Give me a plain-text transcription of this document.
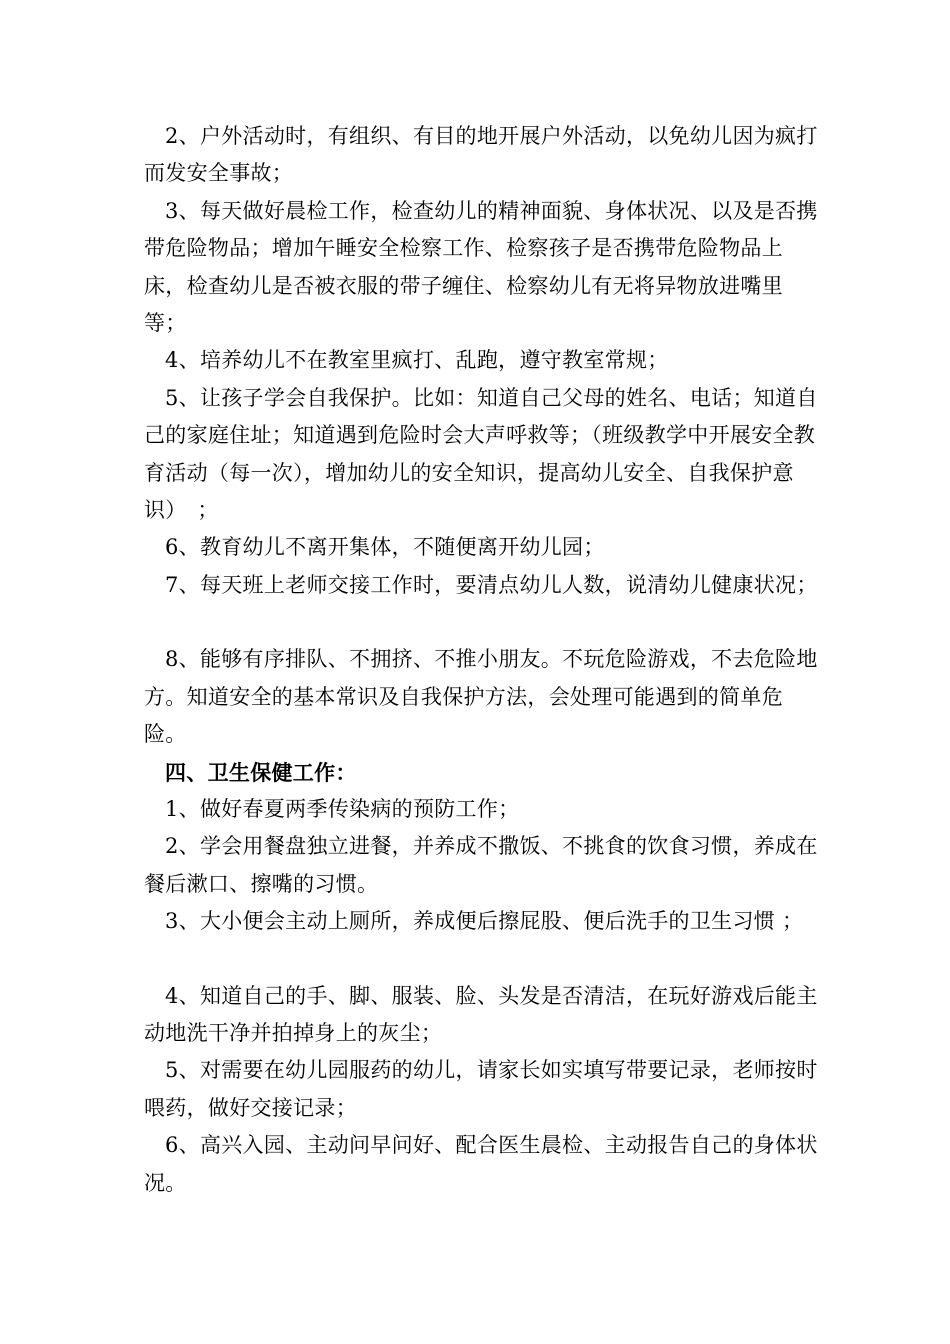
2、户外活动时，有组织、有目的地开展户外活动，以免幼儿因为疯打而发安全事故；

3、每天做好晨检工作，检查幼儿的精神面貌、身体状况、以及是否携带危险物品；增加午睡安全检察工作、检察孩子是否携带危险物品上床，检查幼儿是否被衣服的带子缠住、检察幼儿有无将异物放进嘴里等；

4、培养幼儿不在教室里疯打、乱跑，遵守教室常规；

5、让孩子学会自我保护。比如：知道自己父母的姓名、电话；知道自己的家庭住址；知道遇到危险时会大声呼救等；（班级教学中开展安全教育活动（每一次），增加幼儿的安全知识，提高幼儿安全、自我保护意识）　；

6、教育幼儿不离开集体，不随便离开幼儿园；

7、每天班上老师交接工作时，要清点幼儿人数，说清幼儿健康状况；

8、能够有序排队、不拥挤、不推小朋友。不玩危险游戏，不去危险地方。知道安全的基本常识及自我保护方法，会处理可能遇到的简单危险。

四、卫生保健工作：

1、做好春夏两季传染病的预防工作；

2、学会用餐盘独立进餐，并养成不撒饭、不挑食的饮食习惯，养成在餐后漱口、擦嘴的习惯。

3、大小便会主动上厕所，养成便后擦屁股、便后洗手的卫生习惯 ；

4、知道自己的手、脚、服装、脸、头发是否清洁，在玩好游戏后能主动地洗干净并拍掉身上的灰尘；

5、对需要在幼儿园服药的幼儿，请家长如实填写带要记录，老师按时喂药，做好交接记录；

6、高兴入园、主动问早问好、配合医生晨检、主动报告自己的身体状况。
